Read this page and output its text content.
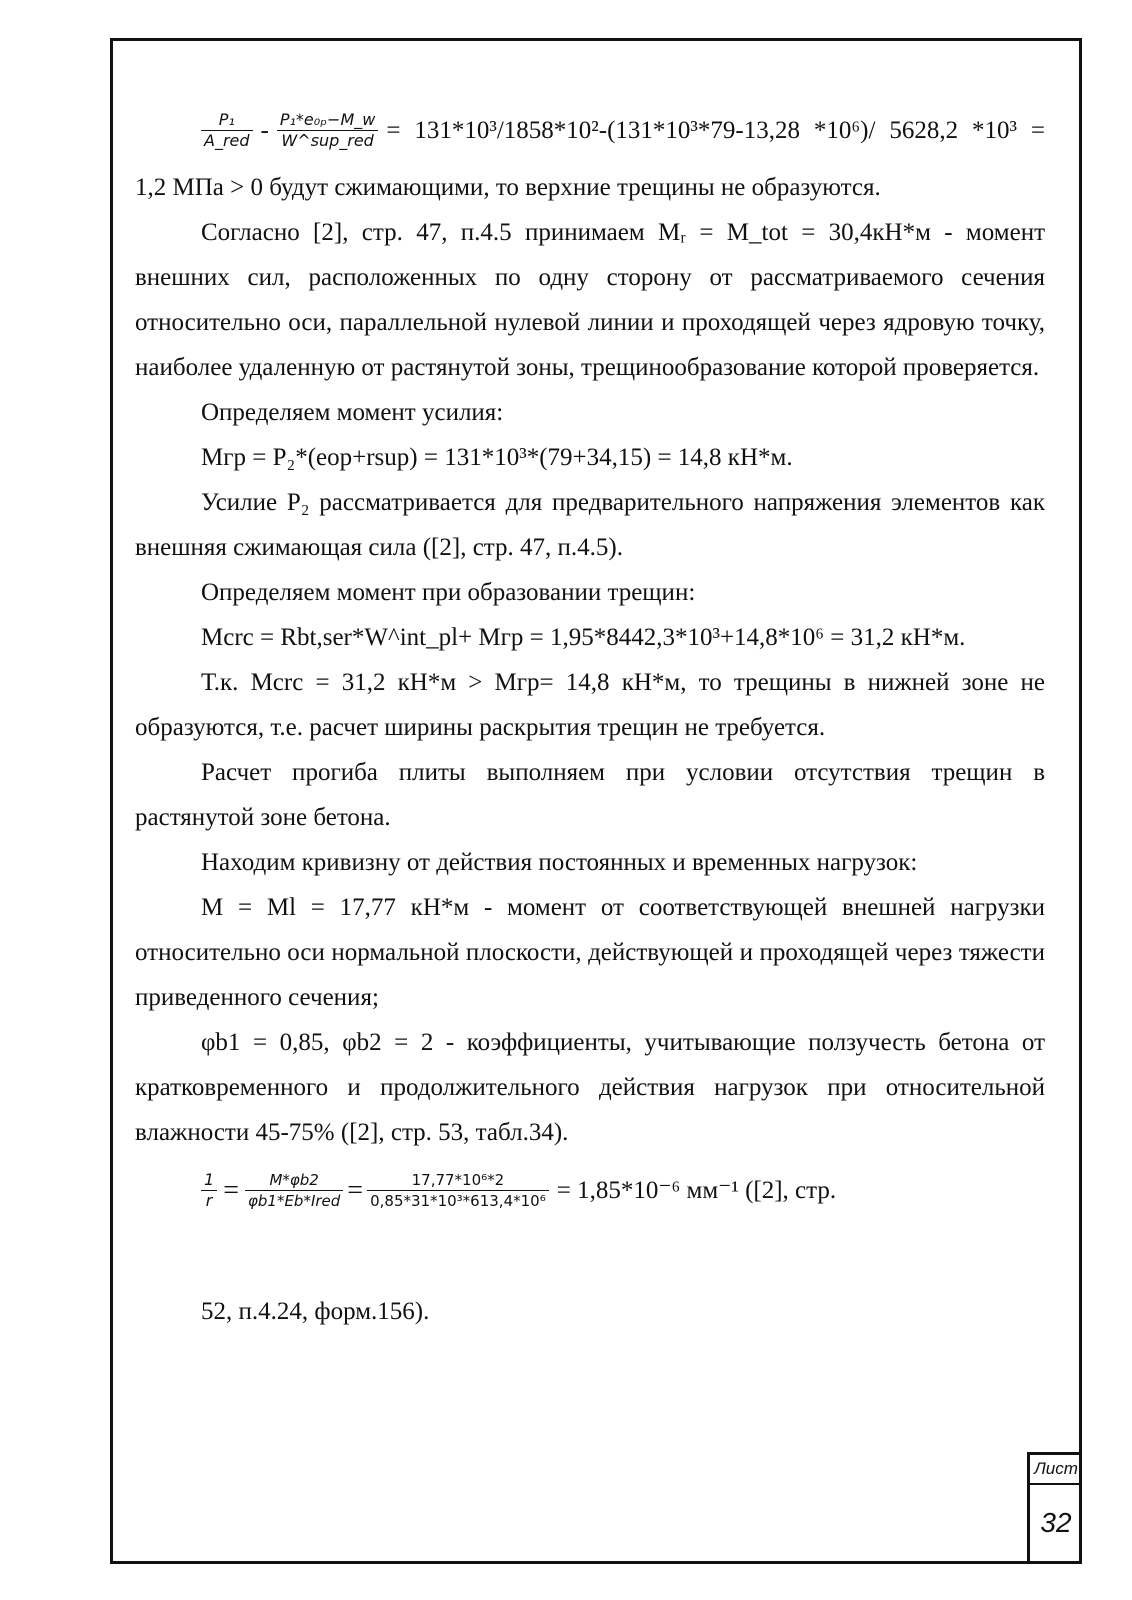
$\frac{\text{P₁}}{\text{A\_red}} - \frac{\text{P₁*e₀ₚ−M\_w}}{\text{W\textasciicircum{}sup\_red}} = 131*10^3/1858*10^2-(131*10^3*79-13,28$ *10⁶)/ 5628,2 *10³ =

1,2 МПа > 0 будут сжимающими, то верхние трещины не образуются.

Согласно [2], стр. 47, п.4.5 принимаем Mᵣ = M_tot = 30,4кН*м - момент внешних сил, расположенных по одну сторону от рассматриваемого сечения относительно оси, параллельной нулевой линии и проходящей через ядровую точку, наиболее удаленную от растянутой зоны, трещинообразование которой проверяется.

Определяем момент усилия:

Mгр = P₂*(eop+rsup) = 131*10³*(79+34,15) = 14,8 кН*м.

Усилие P₂ рассматривается для предварительного напряжения элементов как внешняя сжимающая сила ([2], стр. 47, п.4.5).

Определяем момент при образовании трещин:

Mcrc = Rbt,ser*W^int_pl+ Mгр = 1,95*8442,3*10³+14,8*10⁶ = 31,2 кН*м.

Т.к. Mcrc = 31,2 кН*м > Mгр= 14,8 кН*м, то трещины в нижней зоне не образуются, т.е. расчет ширины раскрытия трещин не требуется.

Расчет прогиба плиты выполняем при условии отсутствия трещин в растянутой зоне бетона.

Находим кривизну от действия постоянных и временных нагрузок:

M = Ml = 17,77 кН*м - момент от соответствующей внешней нагрузки относительно оси нормальной плоскости, действующей и проходящей через тяжести приведенного сечения;

φb1 = 0,85, φb2 = 2 - коэффициенты, учитывающие ползучесть бетона от кратковременного и продолжительного действия нагрузок при относительной влажности 45-75% ([2], стр. 53, табл.34).

$\frac{1}{r} = \frac{M*\varphi b2}{\text{φb1*Eb*Ired}} = \frac{\text{17,77*10⁶*2}}{\text{0,85*31*10³*613,4*10⁶}} = 1,85*10^{-6}$ мм⁻¹ ([2], стр.

52, п.4.24, форм.156).

Лист
32
